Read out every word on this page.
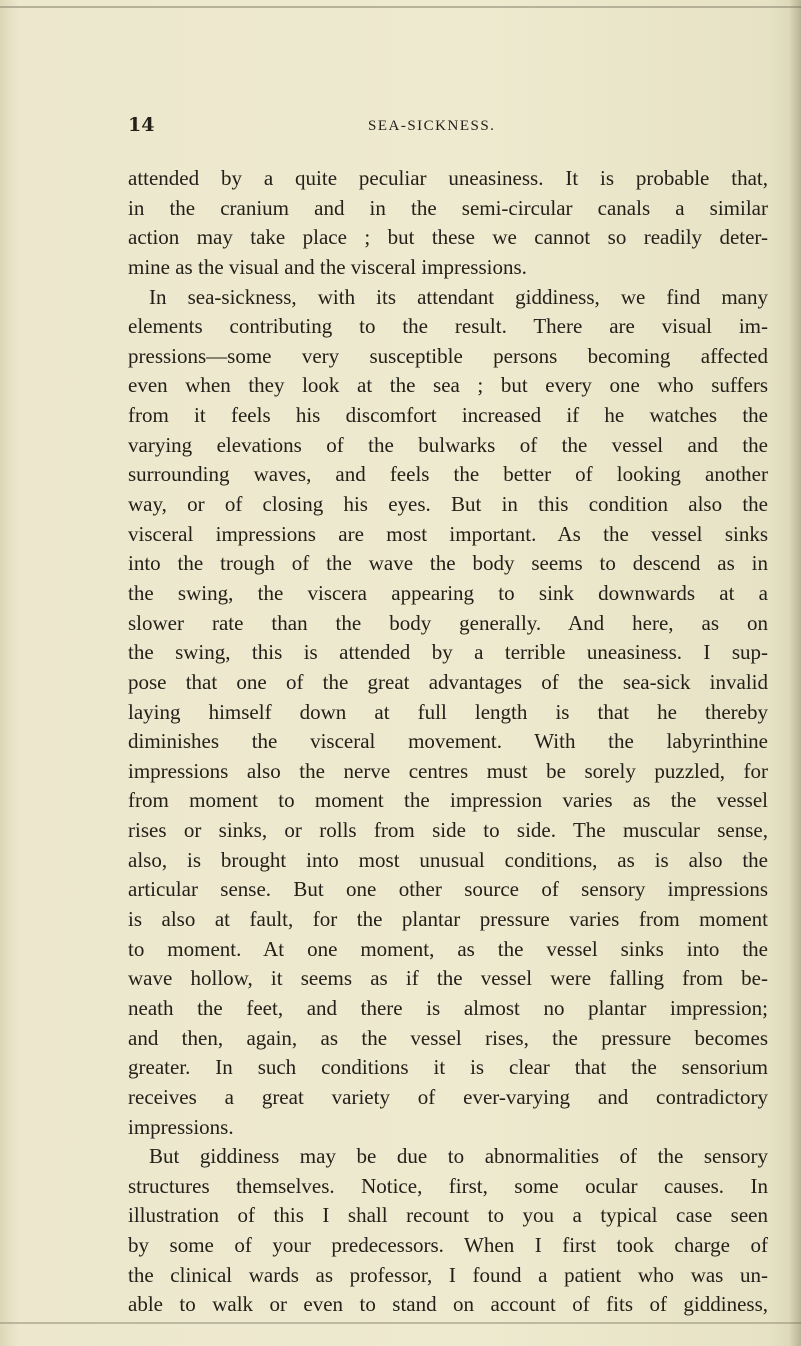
14	SEA-SICKNESS.
attended by a quite peculiar uneasiness. It is probable that,
in the cranium and in the semi-circular canals a similar
action may take place ; but these we cannot so readily deter-
mine as the visual and the visceral impressions.
In sea-sickness, with its attendant giddiness, we find many
elements contributing to the result. There are visual im-
pressions—some very susceptible persons becoming affected
even when they look at the sea ; but every one who suffers
from it feels his discomfort increased if he watches the
varying elevations of the bulwarks of the vessel and the
surrounding waves, and feels the better of looking another
way, or of closing his eyes. But in this condition also the
visceral impressions are most important. As the vessel sinks
into the trough of the wave the body seems to descend as in
the swing, the viscera appearing to sink downwards at a
slower rate than the body generally. And here, as on
the swing, this is attended by a terrible uneasiness. I sup-
pose that one of the great advantages of the sea-sick invalid
laying himself down at full length is that he thereby
diminishes the visceral movement. With the labyrinthine
impressions also the nerve centres must be sorely puzzled, for
from moment to moment the impression varies as the vessel
rises or sinks, or rolls from side to side. The muscular sense,
also, is brought into most unusual conditions, as is also the
articular sense. But one other source of sensory impressions
is also at fault, for the plantar pressure varies from moment
to moment. At one moment, as the vessel sinks into the
wave hollow, it seems as if the vessel were falling from be-
neath the feet, and there is almost no plantar impression;
and then, again, as the vessel rises, the pressure becomes
greater. In such conditions it is clear that the sensorium
receives a great variety of ever-varying and contradictory
impressions.
But giddiness may be due to abnormalities of the sensory
structures themselves. Notice, first, some ocular causes. In
illustration of this I shall recount to you a typical case seen
by some of your predecessors. When I first took charge of
the clinical wards as professor, I found a patient who was un-
able to walk or even to stand on account of fits of giddiness,
